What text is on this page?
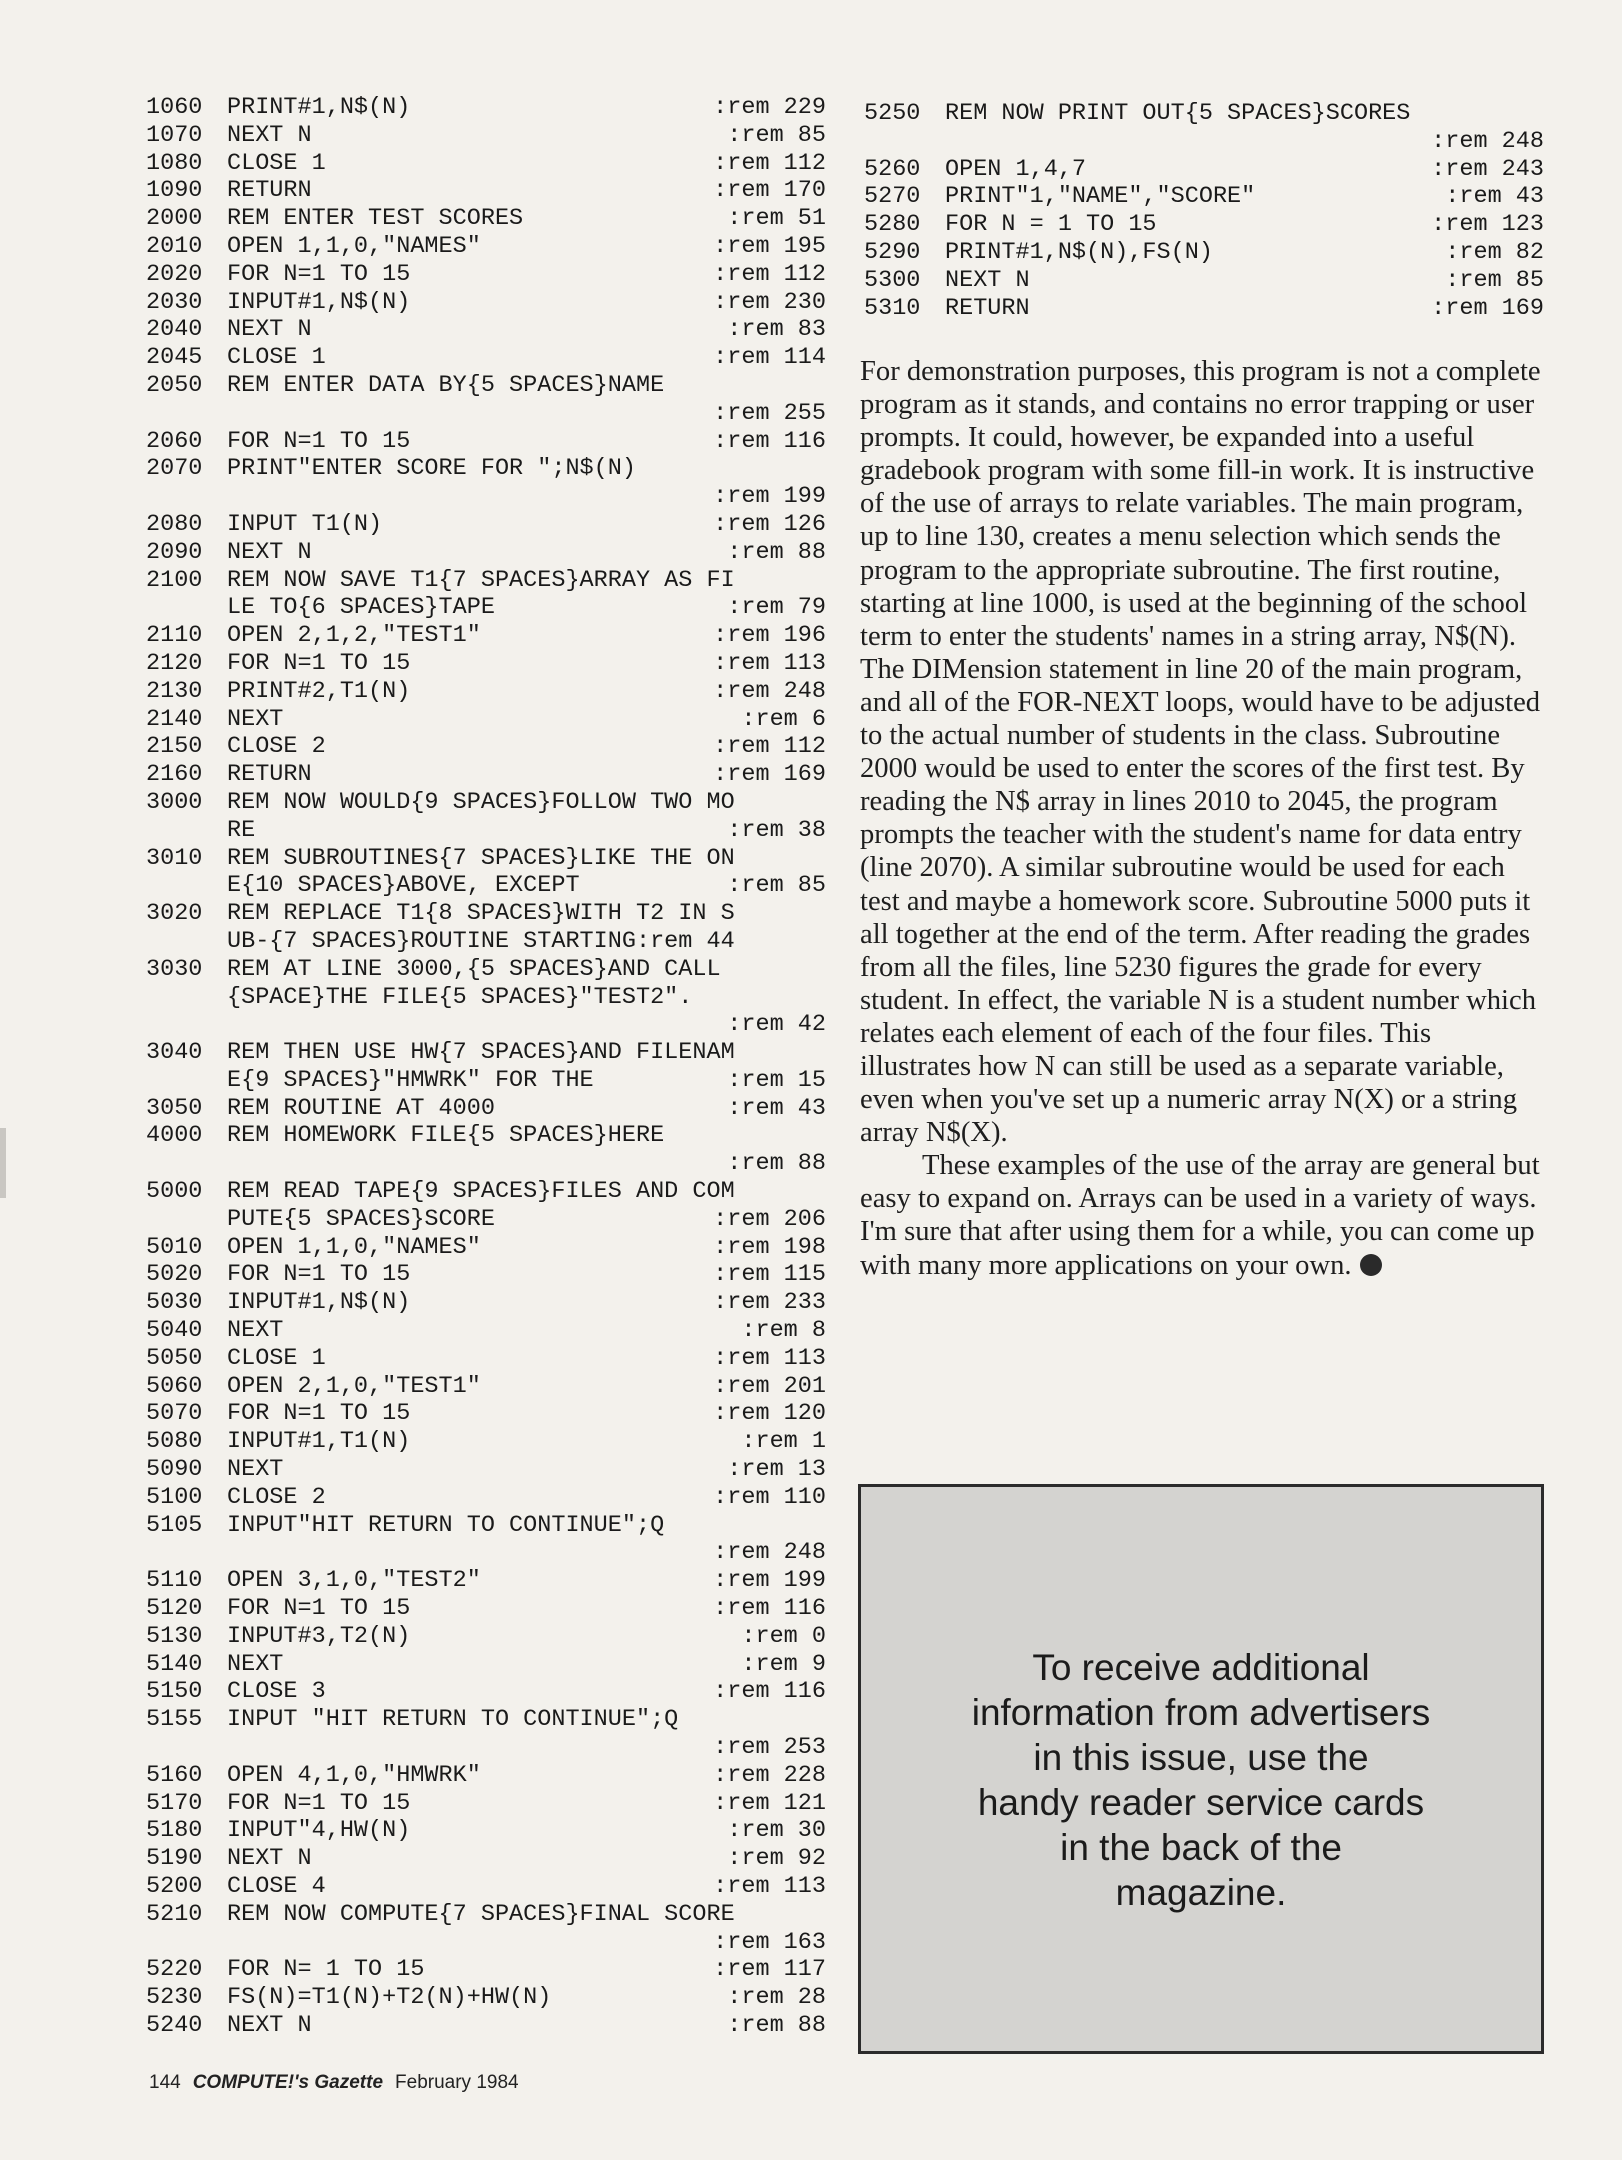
1060 PRINT#1,N$(N)	:rem 229
1070 NEXT N	:rem 85
1080 CLOSE 1	:rem 112
1090 RETURN	:rem 170
2000 REM ENTER TEST SCORES	:rem 51
2010 OPEN 1,1,0,"NAMES"	:rem 195
2020 FOR N=1 TO 15	:rem 112
2030 INPUT#1,N$(N)	:rem 230
2040 NEXT N	:rem 83
2045 CLOSE 1	:rem 114
2050 REM ENTER DATA BY{5 SPACES}NAME
:rem 255
2060 FOR N=1 TO 15	:rem 116
2070 PRINT"ENTER SCORE FOR ";N$(N)
:rem 199
2080 INPUT T1(N)	:rem 126
2090 NEXT N	:rem 88
2100 REM NOW SAVE T1{7 SPACES}ARRAY AS FI
LE TO{6 SPACES}TAPE	:rem 79
2110 OPEN 2,1,2,"TEST1"	:rem 196
2120 FOR N=1 TO 15	:rem 113
2130 PRINT#2,T1(N)	:rem 248
2140 NEXT	:rem 6
2150 CLOSE 2	:rem 112
2160 RETURN	:rem 169
3000 REM NOW WOULD{9 SPACES}FOLLOW TWO MO
RE	:rem 38
3010 REM SUBROUTINES{7 SPACES}LIKE THE ON
E{10 SPACES}ABOVE, EXCEPT	:rem 85
3020 REM REPLACE T1{8 SPACES}WITH T2 IN S
UB-{7 SPACES}ROUTINE STARTING:rem 44
3030 REM AT LINE 3000,{5 SPACES}AND CALL
{SPACE}THE FILE{5 SPACES}"TEST2".
:rem 42
3040 REM THEN USE HW{7 SPACES}AND FILENAM
E{9 SPACES}"HMWRK" FOR THE	:rem 15
3050 REM ROUTINE AT 4000	:rem 43
4000 REM HOMEWORK FILE{5 SPACES}HERE
:rem 88
5000 REM READ TAPE{9 SPACES}FILES AND COM
PUTE{5 SPACES}SCORE	:rem 206
5010 OPEN 1,1,0,"NAMES"	:rem 198
5020 FOR N=1 TO 15	:rem 115
5030 INPUT#1,N$(N)	:rem 233
5040 NEXT	:rem 8
5050 CLOSE 1	:rem 113
5060 OPEN 2,1,0,"TEST1"	:rem 201
5070 FOR N=1 TO 15	:rem 120
5080 INPUT#1,T1(N)	:rem 1
5090 NEXT	:rem 13
5100 CLOSE 2	:rem 110
5105 INPUT"HIT RETURN TO CONTINUE";Q
:rem 248
5110 OPEN 3,1,0,"TEST2"	:rem 199
5120 FOR N=1 TO 15	:rem 116
5130 INPUT#3,T2(N)	:rem 0
5140 NEXT	:rem 9
5150 CLOSE 3	:rem 116
5155 INPUT "HIT RETURN TO CONTINUE";Q
:rem 253
5160 OPEN 4,1,0,"HMWRK"	:rem 228
5170 FOR N=1 TO 15	:rem 121
5180 INPUT"4,HW(N)	:rem 30
5190 NEXT N	:rem 92
5200 CLOSE 4	:rem 113
5210 REM NOW COMPUTE{7 SPACES}FINAL SCORE
:rem 163
5220 FOR N= 1 TO 15	:rem 117
5230 FS(N)=T1(N)+T2(N)+HW(N)	:rem 28
5240 NEXT N	:rem 88
5250 REM NOW PRINT OUT{5 SPACES}SCORES
:rem 248
5260 OPEN 1,4,7	:rem 243
5270 PRINT"1,"NAME","SCORE"	:rem 43
5280 FOR N = 1 TO 15	:rem 123
5290 PRINT#1,N$(N),FS(N)	:rem 82
5300 NEXT N	:rem 85
5310 RETURN	:rem 169

For demonstration purposes, this program is not a complete program as it stands, and contains no error trapping or user prompts. It could, however, be expanded into a useful gradebook program with some fill-in work. It is instructive of the use of arrays to relate variables. The main program, up to line 130, creates a menu selection which sends the program to the appropriate subroutine. The first routine, starting at line 1000, is used at the beginning of the school term to enter the students' names in a string array, N$(N). The DIMension statement in line 20 of the main program, and all of the FOR-NEXT loops, would have to be adjusted to the actual number of students in the class. Subroutine 2000 would be used to enter the scores of the first test. By reading the N$ array in lines 2010 to 2045, the program prompts the teacher with the student's name for data entry (line 2070). A similar subroutine would be used for each test and maybe a homework score. Subroutine 5000 puts it all together at the end of the term. After reading the grades from all the files, line 5230 figures the grade for every student. In effect, the variable N is a student number which relates each element of each of the four files. This illustrates how N can still be used as a separate variable, even when you've set up a numeric array N(X) or a string array N$(X).

These examples of the use of the array are general but easy to expand on. Arrays can be used in a variety of ways. I'm sure that after using them for a while, you can come up with many more applications on your own.

To receive additional
information from advertisers
in this issue, use the
handy reader service cards
in the back of the
magazine.
144 COMPUTE!'s Gazette February 1984
